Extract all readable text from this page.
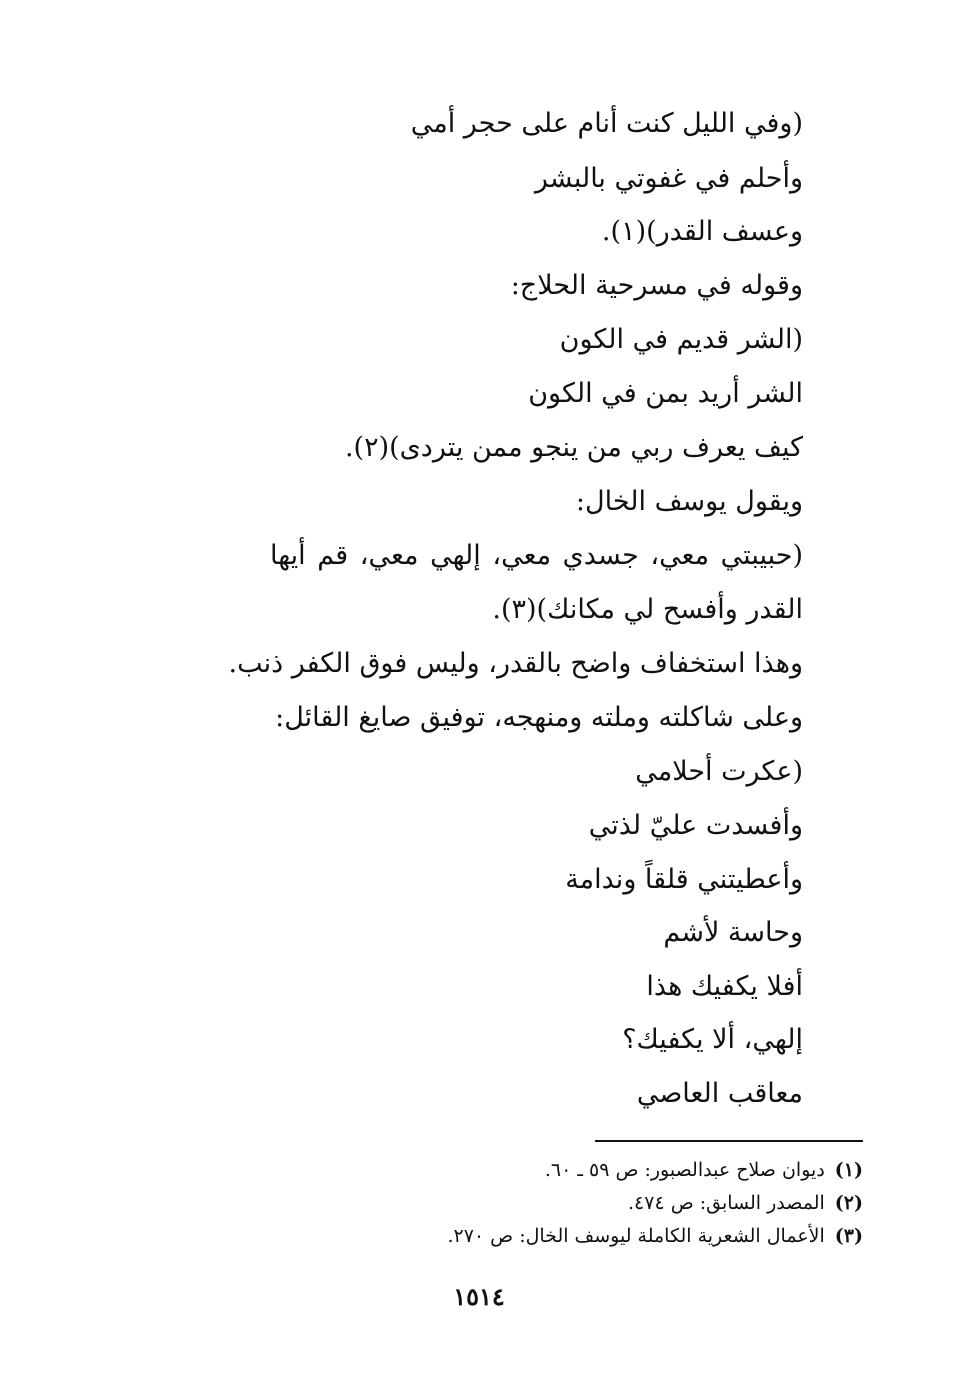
(وفي الليل كنت أنام على حجر أمي
وأحلم في غفوتي بالبشر
وعسف القدر)(١).
وقوله في مسرحية الحلاج:
(الشر قديم في الكون
الشر أريد بمن في الكون
كيف يعرف ربي من ينجو ممن يتردى)(٢).
ويقول يوسف الخال:
(حبيبتي معي، جسدي معي، إلهي معي، قم أيها
القدر وأفسح لي مكانك)(٣).
وهذا استخفاف واضح بالقدر، وليس فوق الكفر ذنب.
وعلى شاكلته وملته ومنهجه، توفيق صايغ القائل:
(عكرت أحلامي
وأفسدت عليّ لذتي
وأعطيتني قلقاً وندامة
وحاسة لأشم
أفلا يكفيك هذا
إلهي، ألا يكفيك؟
معاقب العاصي
(١)ديوان صلاح عبدالصبور: ص ٥٩ ـ ٦٠.
(٢)المصدر السابق: ص ٤٧٤.
(٣)الأعمال الشعرية الكاملة ليوسف الخال: ص ٢٧٠.
١٥١٤
